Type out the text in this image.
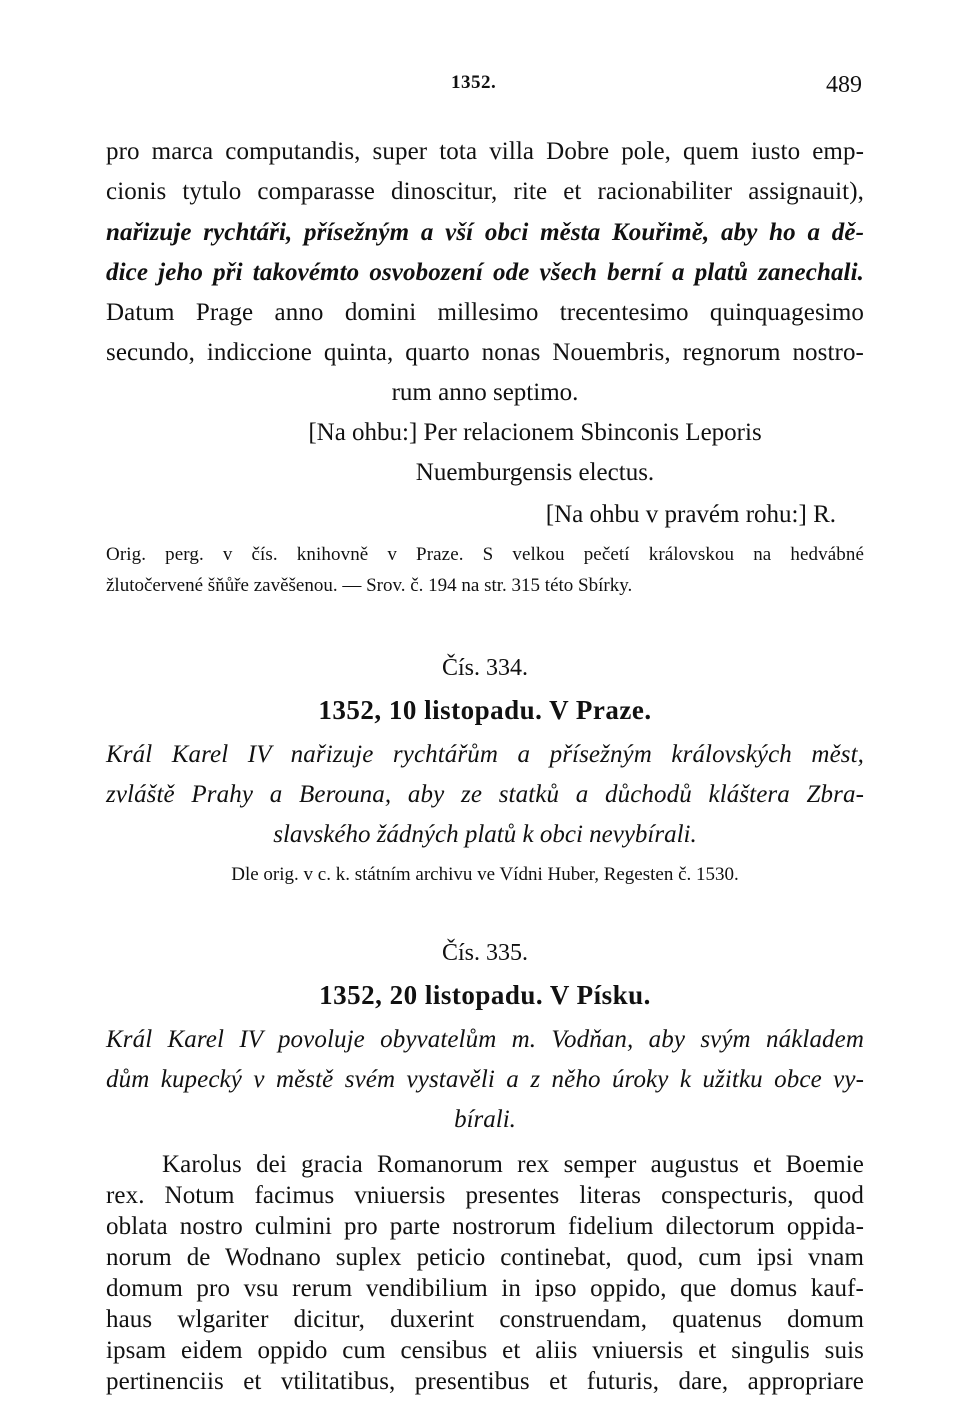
1352.	489
pro marca computandis, super tota villa Dobre pole, quem iusto emp-
cionis tytulo comparasse dinoscitur, rite et racionabiliter assignauit),
nařizuje rychtáři, přísežným a vší obci města Kouřimě, aby ho a dě-
dice jeho při takovémto osvobození ode všech berní a platů zanechali.
Datum Prage anno domini millesimo trecentesimo quinquagesimo
secundo, indiccione quinta, quarto nonas Nouembris, regnorum nostro-
rum anno septimo.
[Na ohbu:] Per relacionem Sbinconis Leporis
Nuemburgensis electus.
[Na ohbu v pravém rohu:] R.
Orig. perg. v čís. knihovně v Praze. S velkou pečetí královskou na hedvábné
žlutočervené šňůře zavěšenou. — Srov. č. 194 na str. 315 této Sbírky.
Čís. 334.
1352, 10 listopadu. V Praze.
Král Karel IV nařizuje rychtářům a přísežným královských měst,
zvláště Prahy a Berouna, aby ze statků a důchodů kláštera Zbra-
slavského žádných platů k obci nevybírali.
Dle orig. v c. k. státním archivu ve Vídni Huber, Regesten č. 1530.
Čís. 335.
1352, 20 listopadu. V Písku.
Král Karel IV povoluje obyvatelům m. Vodňan, aby svým nákladem
dům kupecký v městě svém vystavěli a z něho úroky k užitku obce vy-
bírali.
Karolus dei gracia Romanorum rex semper augustus et Boemie
rex. Notum facimus vniuersis presentes literas conspecturis, quod
oblata nostro culmini pro parte nostrorum fidelium dilectorum oppida-
norum de Wodnano suplex peticio continebat, quod, cum ipsi vnam
domum pro vsu rerum vendibilium in ipso oppido, que domus kauf-
haus wlgariter dicitur, duxerint construendam, quatenus domum
ipsam eidem oppido cum censibus et aliis vniuersis et singulis suis
pertinenciis et vtilitatibus, presentibus et futuris, dare, appropriare
